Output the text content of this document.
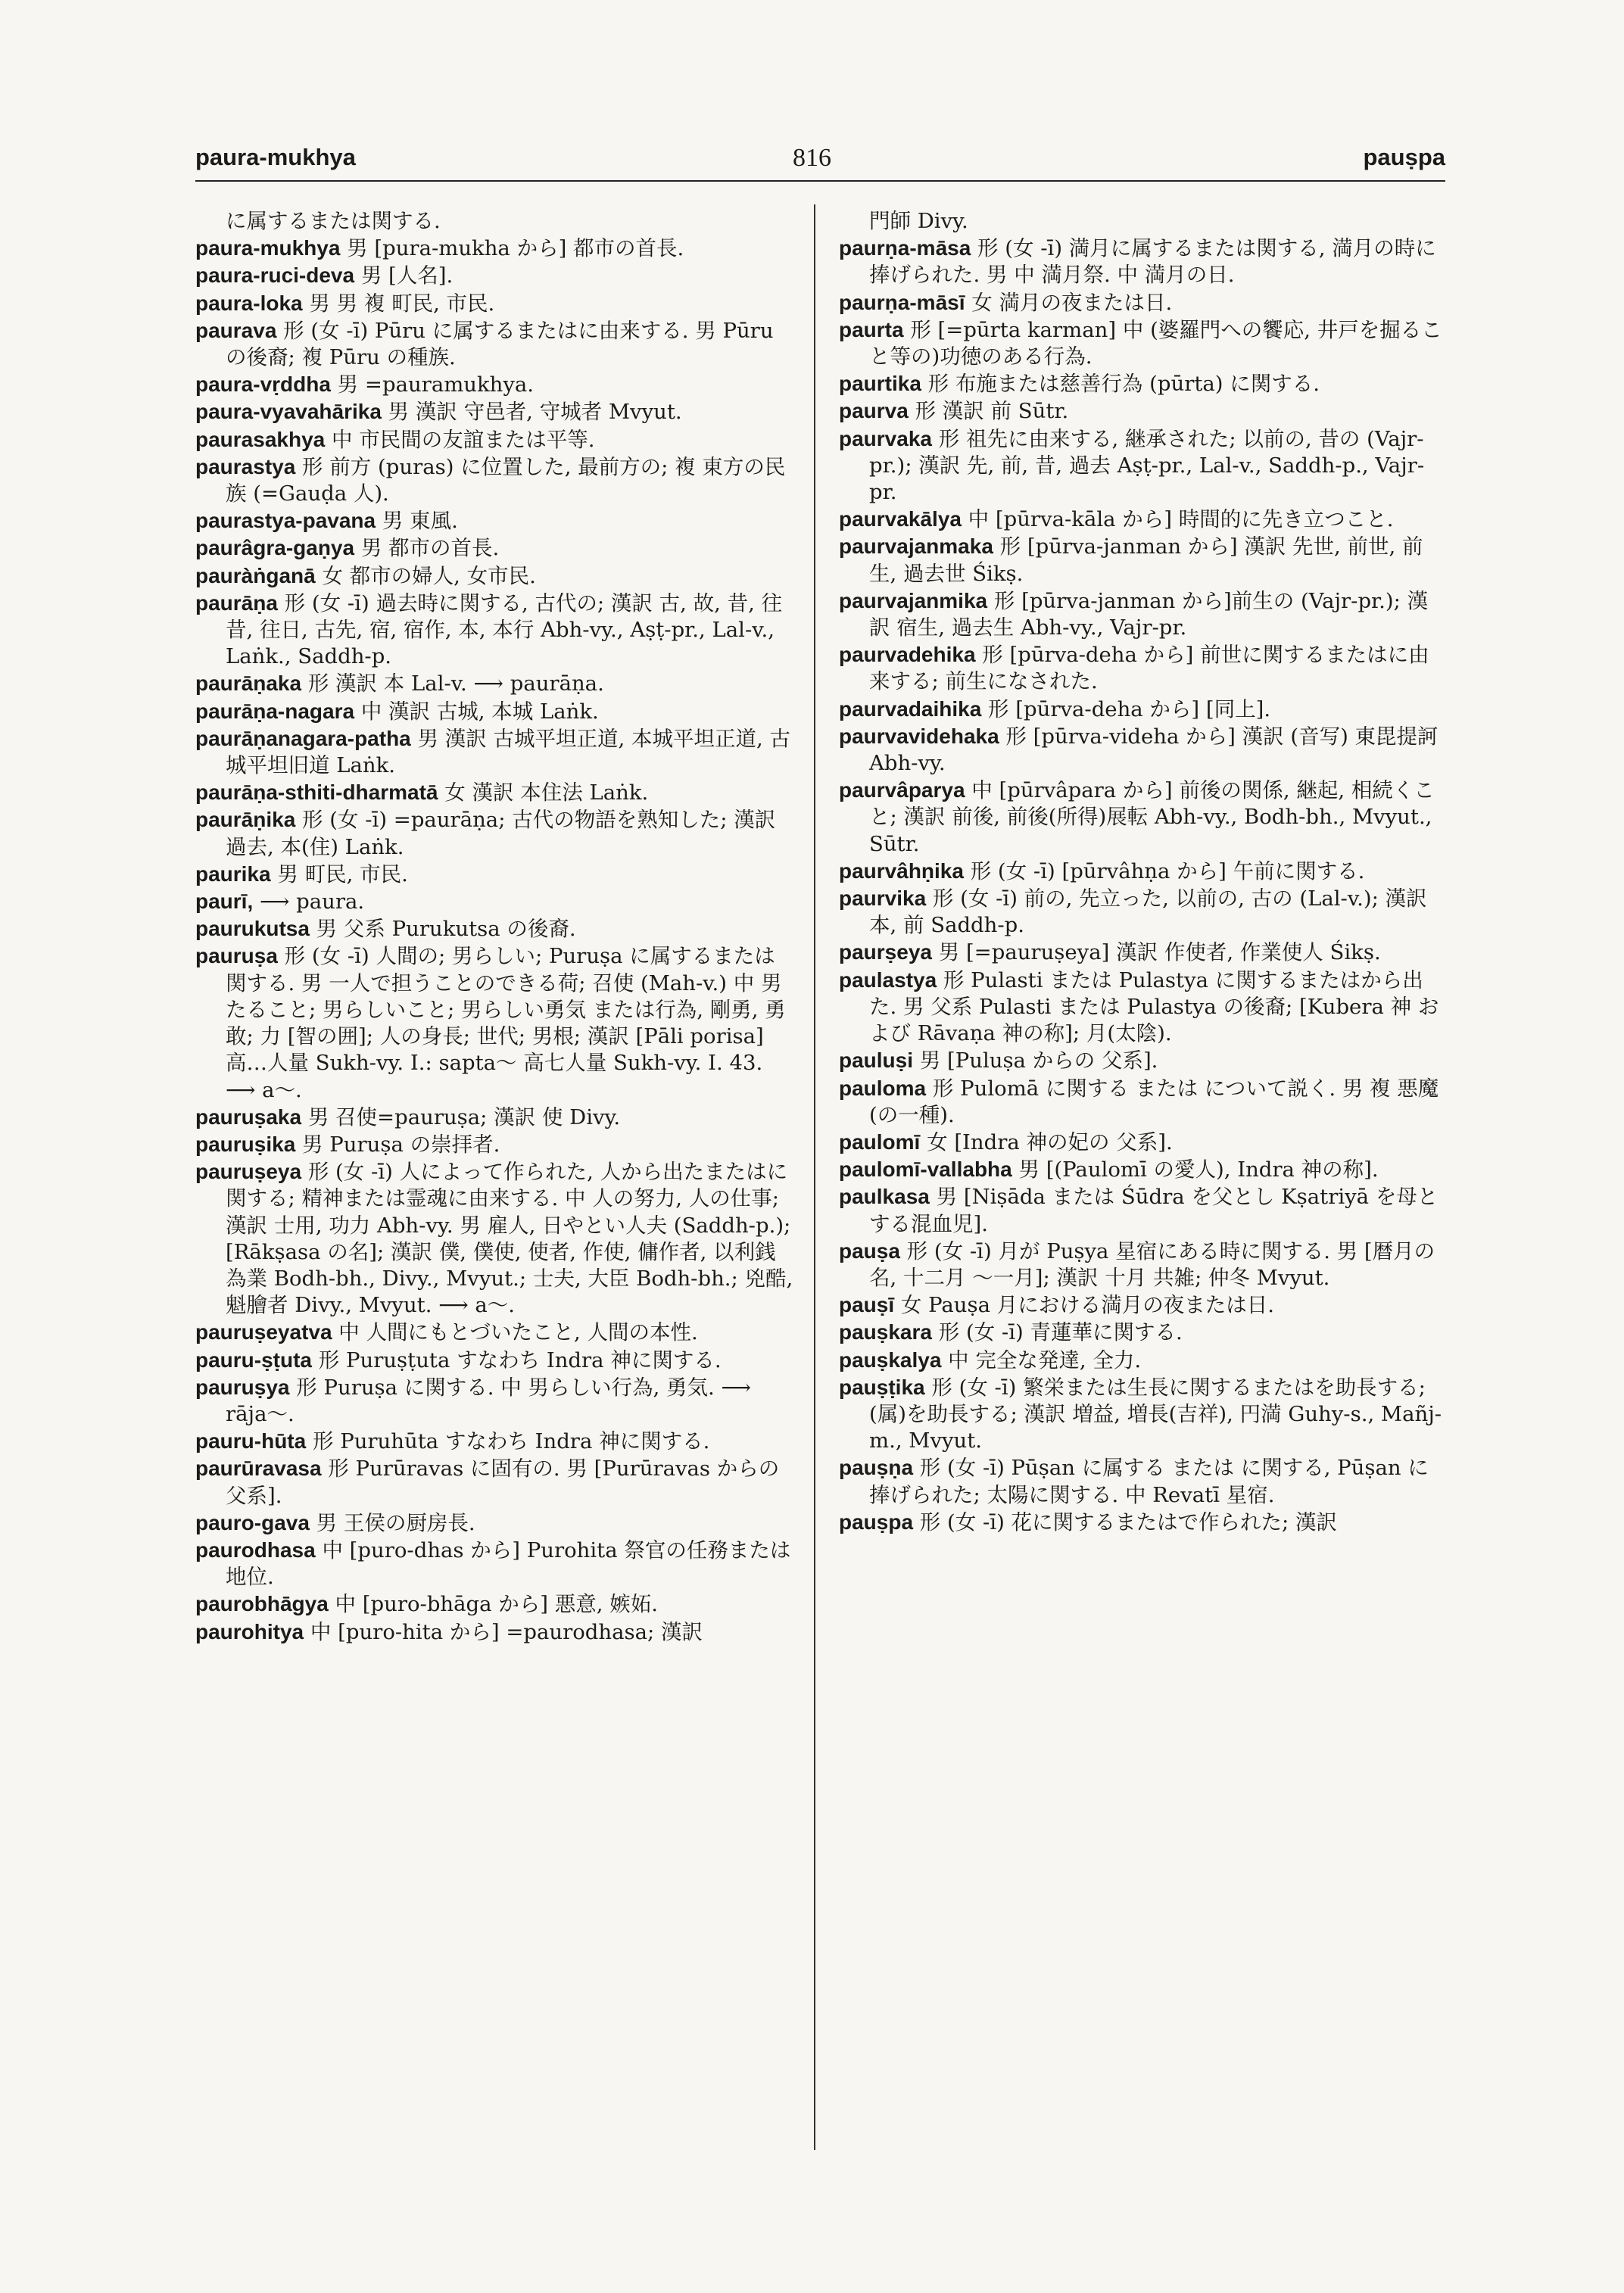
paura-mukhya	816	pauṣpa

に属するまたは関する.

paura-mukhya 男 [pura-mukha から] 都市の首長.

paura-ruci-deva 男 [人名].

paura-loka 男 男 複 町民, 市民.

paurava 形 (女 -ī) Pūru に属するまたはに由来する. 男 Pūru の後裔; 複 Pūru の種族.

paura-vṛddha 男 =pauramukhya.

paura-vyavahārika 男 漢訳 守邑者, 守城者 Mvyut.

paurasakhya 中 市民間の友誼または平等.

paurastya 形 前方 (puras) に位置した, 最前方の; 複 東方の民族 (=Gauḍa 人).

paurastya-pavana 男 東風.

paurâgra-gaṇya 男 都市の首長.

pauràṅganā 女 都市の婦人, 女市民.

paurāṇa 形 (女 -ī) 過去時に関する, 古代の; 漢訳 古, 故, 昔, 往昔, 往日, 古先, 宿, 宿作, 本, 本行 Abh-vy., Aṣṭ-pr., Lal-v., Laṅk., Saddh-p.

paurāṇaka 形 漢訳 本 Lal-v. ⟶ paurāṇa.

paurāṇa-nagara 中 漢訳 古城, 本城 Laṅk.

paurāṇanagara-patha 男 漢訳 古城平坦正道, 本城平坦正道, 古城平坦旧道 Laṅk.

paurāṇa-sthiti-dharmatā 女 漢訳 本住法 Laṅk.

paurāṇika 形 (女 -ī) =paurāṇa; 古代の物語を熟知した; 漢訳 過去, 本(住) Laṅk.

paurika 男 町民, 市民.

paurī, ⟶ paura.

paurukutsa 男 父系 Purukutsa の後裔.

pauruṣa 形 (女 -ī) 人間の; 男らしい; Puruṣa に属するまたは関する. 男 一人で担うことのできる荷; 召使 (Mah-v.) 中 男たること; 男らしいこと; 男らしい勇気 または行為, 剛勇, 勇敢; 力 [智の囲]; 人の身長; 世代; 男根; 漢訳 [Pāli porisa] 高…人量 Sukh-vy. I.: sapta～ 高七人量 Sukh-vy. I. 43. ⟶ a～.

pauruṣaka 男 召使=pauruṣa; 漢訳 使 Divy.

pauruṣika 男 Puruṣa の崇拝者.

pauruṣeya 形 (女 -ī) 人によって作られた, 人から出たまたはに関する; 精神または霊魂に由来する. 中 人の努力, 人の仕事; 漢訳 士用, 功力 Abh-vy. 男 雇人, 日やとい人夫 (Saddh-p.); [Rākṣasa の名]; 漢訳 僕, 僕使, 使者, 作使, 傭作者, 以利銭為業 Bodh-bh., Divy., Mvyut.; 士夫, 大臣 Bodh-bh.; 兇酷, 魁膾者 Divy., Mvyut. ⟶ a～.

pauruṣeyatva 中 人間にもとづいたこと, 人間の本性.

pauru-ṣṭuta 形 Puruṣṭuta すなわち Indra 神に関する.

pauruṣya 形 Puruṣa に関する. 中 男らしい行為, 勇気. ⟶ rāja～.

pauru-hūta 形 Puruhūta すなわち Indra 神に関する.

paurūravasa 形 Purūravas に固有の. 男 [Purūravas からの 父系].

pauro-gava 男 王侯の厨房長.

paurodhasa 中 [puro-dhas から] Purohita 祭官の任務または地位.

paurobhāgya 中 [puro-bhāga から] 悪意, 嫉妬.

paurohitya 中 [puro-hita から] =paurodhasa; 漢訳

門師 Divy.

paurṇa-māsa 形 (女 -ī) 満月に属するまたは関する, 満月の時に捧げられた. 男 中 満月祭. 中 満月の日.

paurṇa-māsī 女 満月の夜または日.

paurta 形 [=pūrta karman] 中 (婆羅門への饗応, 井戸を掘ること等の)功徳のある行為.

paurtika 形 布施または慈善行為 (pūrta) に関する.

paurva 形 漢訳 前 Sūtr.

paurvaka 形 祖先に由来する, 継承された; 以前の, 昔の (Vajr-pr.); 漢訳 先, 前, 昔, 過去 Aṣṭ-pr., Lal-v., Saddh-p., Vajr-pr.

paurvakālya 中 [pūrva-kāla から] 時間的に先き立つこと.

paurvajanmaka 形 [pūrva-janman から] 漢訳 先世, 前世, 前生, 過去世 Śikṣ.

paurvajanmika 形 [pūrva-janman から]前生の (Vajr-pr.); 漢訳 宿生, 過去生 Abh-vy., Vajr-pr.

paurvadehika 形 [pūrva-deha から] 前世に関するまたはに由来する; 前生になされた.

paurvadaihika 形 [pūrva-deha から] [同上].

paurvavidehaka 形 [pūrva-videha から] 漢訳 (音写) 東毘提訶 Abh-vy.

paurvâparya 中 [pūrvâpara から] 前後の関係, 継起, 相続くこと; 漢訳 前後, 前後(所得)展転 Abh-vy., Bodh-bh., Mvyut., Sūtr.

paurvâhṇika 形 (女 -ī) [pūrvâhṇa から] 午前に関する.

paurvika 形 (女 -ī) 前の, 先立った, 以前の, 古の (Lal-v.); 漢訳 本, 前 Saddh-p.

paurṣeya 男 [=pauruṣeya] 漢訳 作使者, 作業使人 Śikṣ.

paulastya 形 Pulasti または Pulastya に関するまたはから出た. 男 父系 Pulasti または Pulastya の後裔; [Kubera 神 および Rāvaṇa 神の称]; 月(太陰).

pauluṣi 男 [Puluṣa からの 父系].

pauloma 形 Pulomā に関する または について説く. 男 複 悪魔(の一種).

paulomī 女 [Indra 神の妃の 父系].

paulomī-vallabha 男 [(Paulomī の愛人), Indra 神の称].

paulkasa 男 [Niṣāda または Śūdra を父とし Kṣatriyā を母とする混血児].

pauṣa 形 (女 -ī) 月が Puṣya 星宿にある時に関する. 男 [暦月の名, 十二月 ～一月]; 漢訳 十月 共雑; 仲冬 Mvyut.

pauṣī 女 Pauṣa 月における満月の夜または日.

pauṣkara 形 (女 -ī) 青蓮華に関する.

pauṣkalya 中 完全な発達, 全力.

pauṣṭika 形 (女 -ī) 繁栄または生長に関するまたはを助長する; (属)を助長する; 漢訳 増益, 増長(吉祥), 円満 Guhy-s., Mañj-m., Mvyut.

pauṣṇa 形 (女 -ī) Pūṣan に属する または に関する, Pūṣan に捧げられた; 太陽に関する. 中 Revatī 星宿.

pauṣpa 形 (女 -ī) 花に関するまたはで作られた; 漢訳
